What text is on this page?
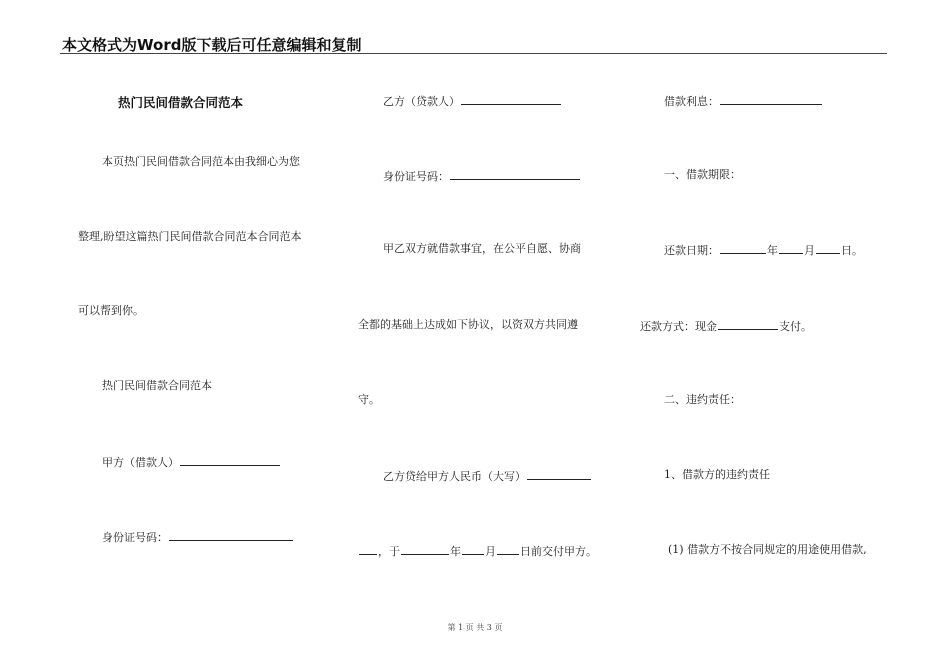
本文格式为Word版下载后可任意编辑和复制
热门民间借款合同范本
本页热门民间借款合同范本由我细心为您
整理,盼望这篇热门民间借款合同范本合同范本
可以帮到你。
热门民间借款合同范本
甲方（借款人）
身份证号码：
乙方（贷款人）
身份证号码：
甲乙双方就借款事宜，在公平自愿、协商
全都的基础上达成如下协议，以资双方共同遵
守。
乙方贷给甲方人民币（大写）
，于	年 月 日前交付甲方。
借款利息：
一、借款期限：
还款日期：	年 月 日。
还款方式：现金	支付。
二、违约责任：
1、借款方的违约责任
(1) 借款方不按合同规定的用途使用借款,
第 1 页 共 3 页
